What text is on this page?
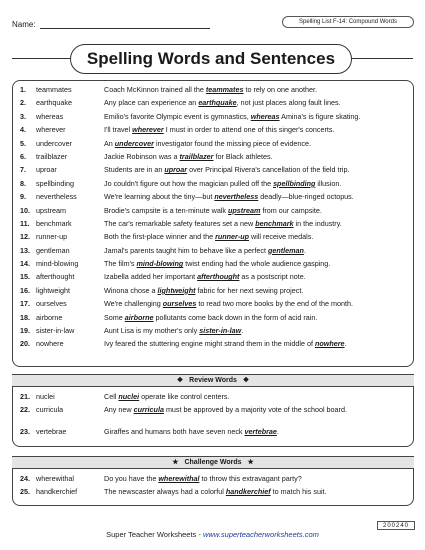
Name:	Spelling List F-14: Compound Words
Spelling Words and Sentences
1.	teammates	Coach McKinnon trained all the teammates to rely on one another.
2.	earthquake	Any place can experience an earthquake, not just places along fault lines.
3.	whereas	Emilio's favorite Olympic event is gymnastics, whereas Amina's is figure skating.
4.	wherever	I'll travel wherever I must in order to attend one of this singer's concerts.
5.	undercover	An undercover investigator found the missing piece of evidence.
6.	trailblazer	Jackie Robinson was a trailblazer for Black athletes.
7.	uproar	Students are in an uproar over Principal Rivera's cancellation of the field trip.
8.	spellbinding	Jo couldn't figure out how the magician pulled off the spellbinding illusion.
9.	nevertheless	We're learning about the tiny—but nevertheless deadly—blue-ringed octopus.
10. upstream	Brodie's campsite is a ten-minute walk upstream from our campsite.
11. benchmark	The car's remarkable safety features set a new benchmark in the industry.
12. runner-up	Both the first-place winner and the runner-up will receive medals.
13. gentleman	Jamal's parents taught him to behave like a perfect gentleman.
14. mind-blowing	The film's mind-blowing twist ending had the whole audience gasping.
15. afterthought	Izabella added her important afterthought as a postscript note.
16. lightweight	Winona chose a lightweight fabric for her next sewing project.
17. ourselves	We're challenging ourselves to read two more books by the end of the month.
18. airborne	Some airborne pollutants come back down in the form of acid rain.
19. sister-in-law	Aunt Lisa is my mother's only sister-in-law.
20. nowhere	Ivy feared the stuttering engine might strand them in the middle of nowhere.
❖ Review Words ❖
21. nuclei	Cell nuclei operate like control centers.
22. curricula	Any new curricula must be approved by a majority vote of the school board.
23. vertebrae	Giraffes and humans both have seven neck vertebrae.
★ Challenge Words ★
24. wherewithal	Do you have the wherewithal to throw this extravagant party?
25. handkerchief	The newscaster always had a colorful handkerchief to match his suit.
200240
Super Teacher Worksheets - www.superteacherworksheets.com
